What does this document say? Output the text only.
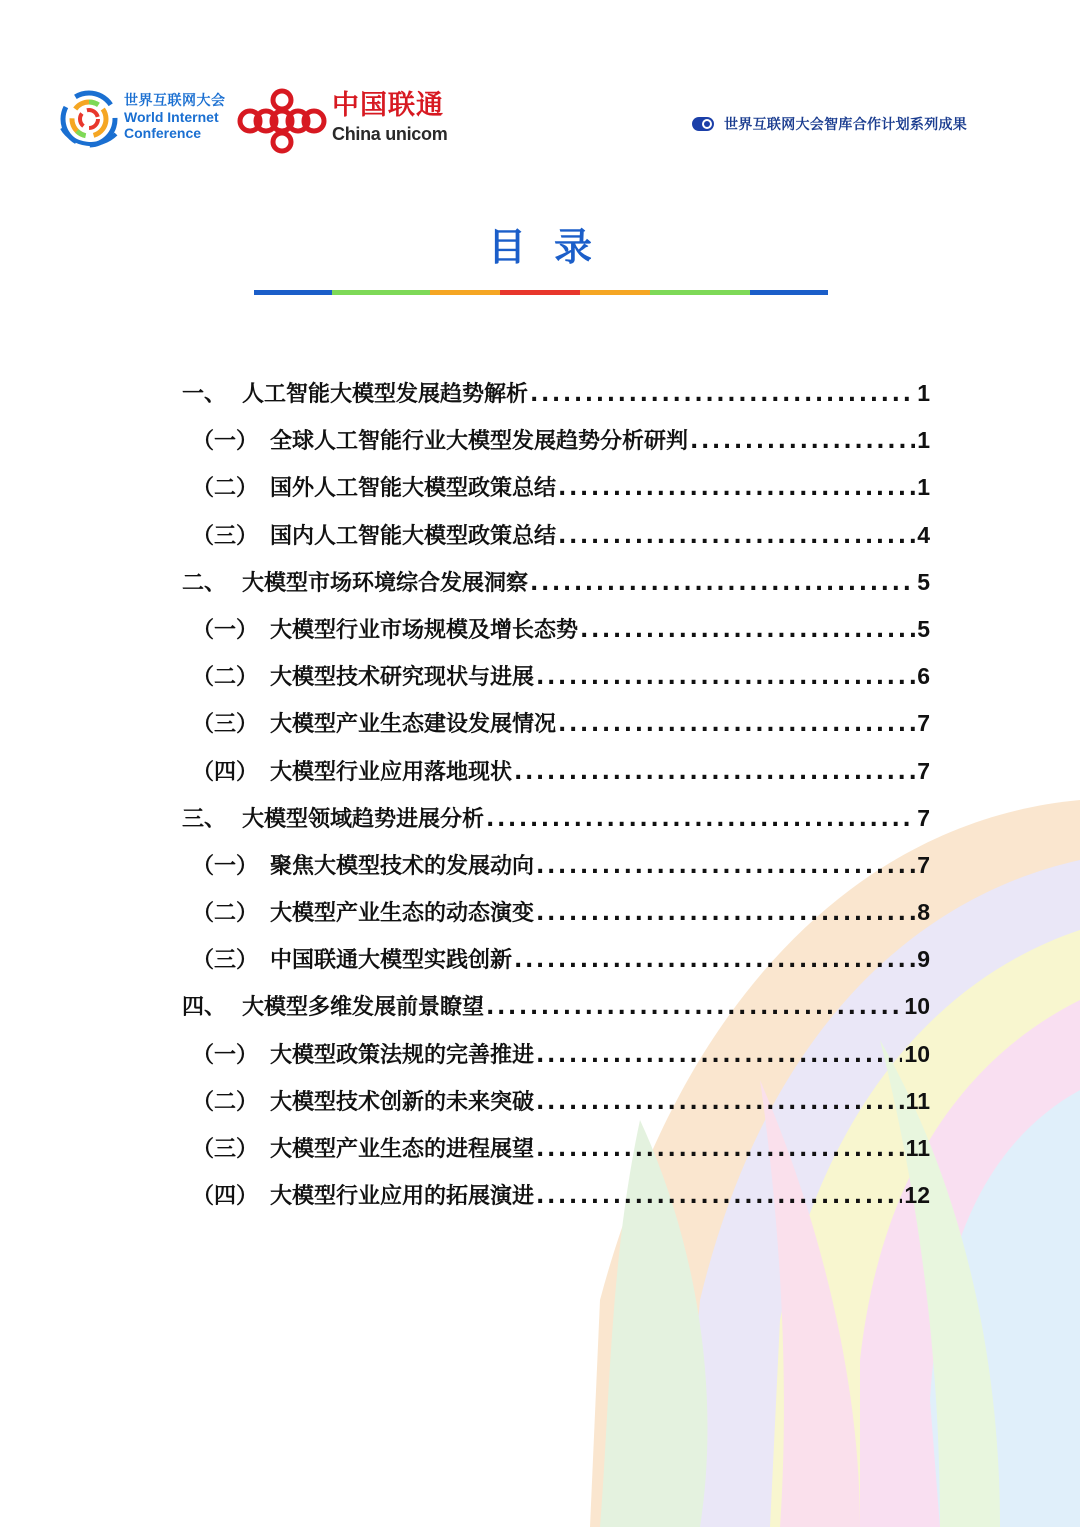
世界互联网大会
World Internet
Conference
中国联通
China unicom	世界互联网大会智库合作计划系列成果
目录
一、 人工智能大模型发展趋势解析 .....	1
（一） 全球人工智能行业大模型发展趋势分析研判 .....	1
（二） 国外人工智能大模型政策总结 .....	1
（三） 国内人工智能大模型政策总结 .....	4
二、 大模型市场环境综合发展洞察 .....	5
（一） 大模型行业市场规模及增长态势 .....	5
（二） 大模型技术研究现状与进展 .....	6
（三） 大模型产业生态建设发展情况 .....	7
（四） 大模型行业应用落地现状 .....	7
三、 大模型领域趋势进展分析 .....	7
（一） 聚焦大模型技术的发展动向 .....	7
（二） 大模型产业生态的动态演变 .....	8
（三） 中国联通大模型实践创新 .....	9
四、 大模型多维发展前景瞭望 .....	10
（一） 大模型政策法规的完善推进 .....	10
（二） 大模型技术创新的未来突破 .....	11
（三） 大模型产业生态的进程展望 .....	11
（四） 大模型行业应用的拓展演进 .....	12
